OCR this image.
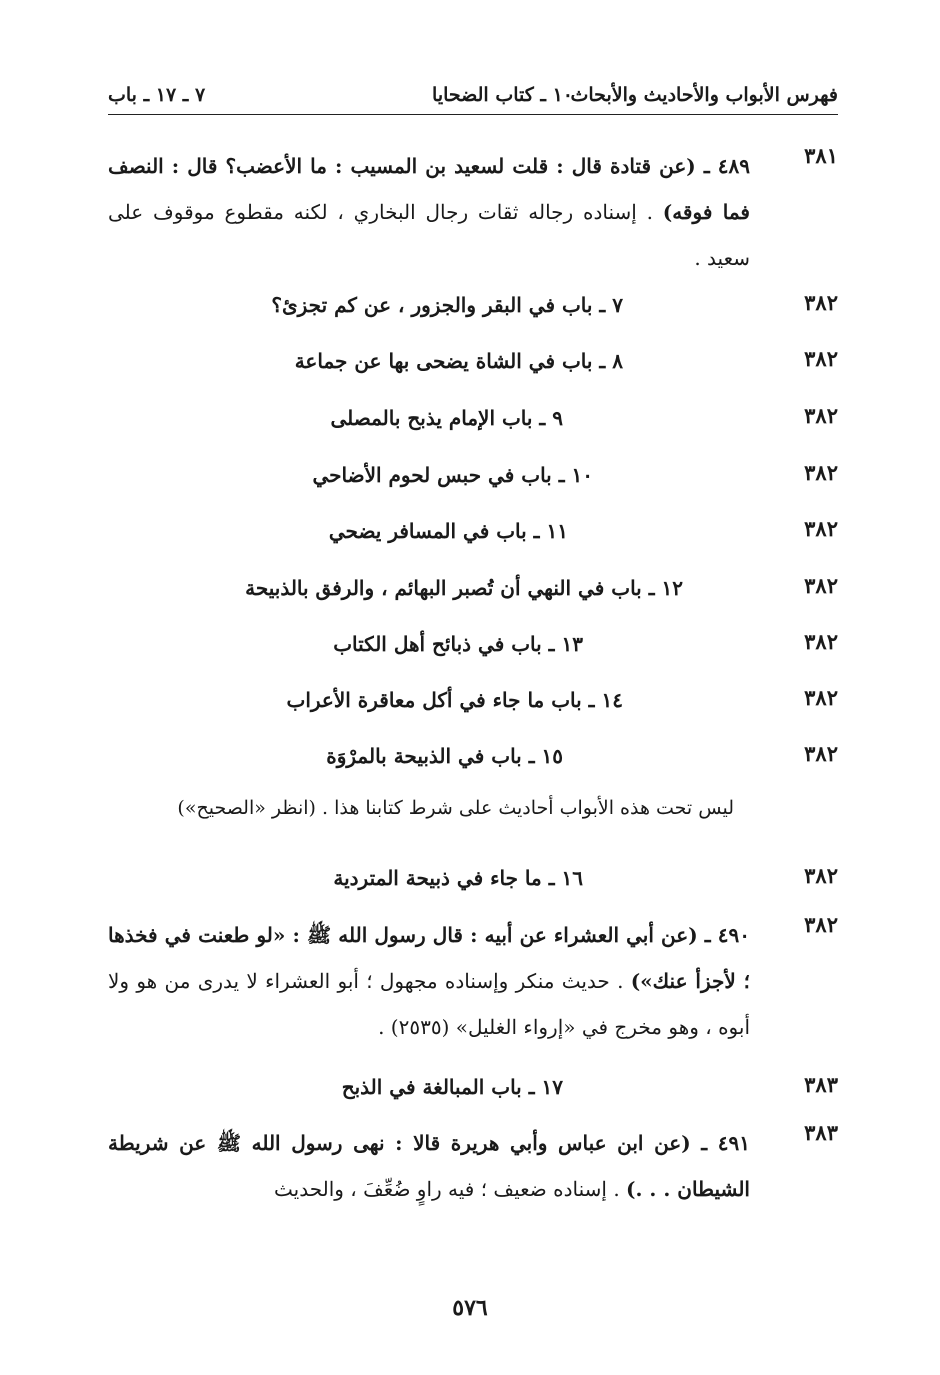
فهرس الأبواب والأحاديث والأبحاث
١٠ ـ كتاب الضحايا
٧ ـ ١٧ ـ باب
٣٨١
٤٨٩ ـ (عن قتادة قال : قلت لسعيد بن المسيب : ما الأعضب؟ قال : النصف فما فوقه) . إسناده رجاله ثقات رجال البخاري ، لكنه مقطوع موقوف على سعيد .
٣٨٢
٧ ـ باب في البقر والجزور ، عن كم تجزئ؟
٣٨٢
٨ ـ باب في الشاة يضحى بها عن جماعة
٣٨٢
٩ ـ باب الإمام يذبح بالمصلى
٣٨٢
١٠ ـ باب في حبس لحوم الأضاحي
٣٨٢
١١ ـ باب في المسافر يضحي
٣٨٢
١٢ ـ باب في النهي أن تُصبر البهائم ، والرفق بالذبيحة
٣٨٢
١٣ ـ باب في ذبائح أهل الكتاب
٣٨٢
١٤ ـ باب ما جاء في أكل معاقرة الأعراب
٣٨٢
١٥ ـ باب في الذبيحة بالمرْوَة
ليس تحت هذه الأبواب أحاديث على شرط كتابنا هذا . (انظر «الصحيح»)
٣٨٢
١٦ ـ ما جاء في ذبيحة المتردية
٣٨٢
٤٩٠ ـ (عن أبي العشراء عن أبيه : قال رسول الله ﷺ : «لو طعنت في فخذها ؛ لأجزأ عنك») . حديث منكر وإسناده مجهول ؛ أبو العشراء لا يدرى من هو ولا أبوه ، وهو مخرج في «إرواء الغليل» (٢٥٣٥) .
٣٨٣
١٧ ـ باب المبالغة في الذبح
٣٨٣
٤٩١ ـ (عن ابن عباس وأبي هريرة قالا : نهى رسول الله ﷺ عن شريطة الشيطان . . .) . إسناده ضعيف ؛ فيه راوٍ ضُعِّفَ ، والحديث
٥٧٦
